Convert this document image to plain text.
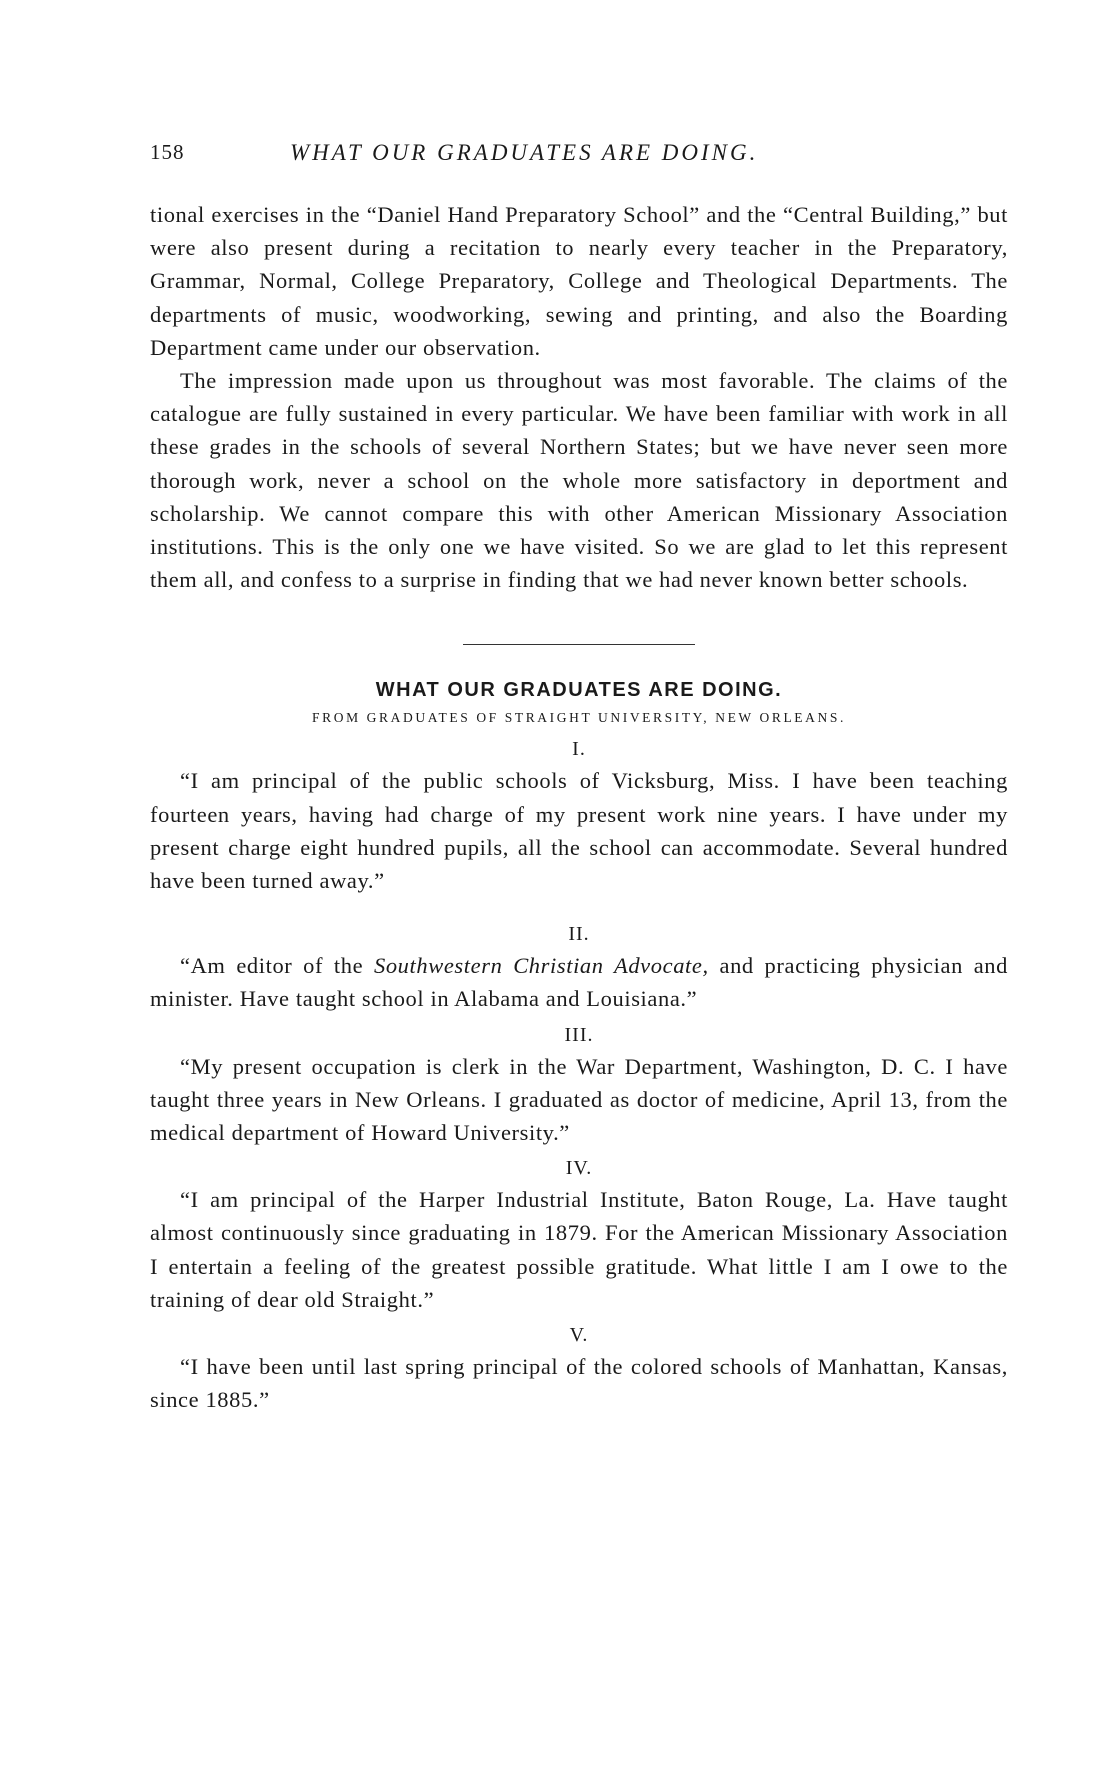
158	WHAT OUR GRADUATES ARE DOING.

tional exercises in the “Daniel Hand Preparatory School” and the “Central Building,” but were also present during a recitation to nearly every teacher in the Preparatory, Grammar, Normal, College Preparatory, College and Theological Departments. The departments of music, woodworking, sewing and printing, and also the Boarding Department came under our observation.

The impression made upon us throughout was most favorable. The claims of the catalogue are fully sustained in every particular. We have been familiar with work in all these grades in the schools of several Northern States; but we have never seen more thorough work, never a school on the whole more satisfactory in deportment and scholarship. We cannot compare this with other American Missionary Association institutions. This is the only one we have visited. So we are glad to let this represent them all, and confess to a surprise in finding that we had never known better schools.

WHAT OUR GRADUATES ARE DOING.
FROM GRADUATES OF STRAIGHT UNIVERSITY, NEW ORLEANS.
I.

“I am principal of the public schools of Vicksburg, Miss. I have been teaching fourteen years, having had charge of my present work nine years. I have under my present charge eight hundred pupils, all the school can accommodate. Several hundred have been turned away.”

II.

“Am editor of the Southwestern Christian Advocate, and practicing physician and minister. Have taught school in Alabama and Louisiana.”

III.

“My present occupation is clerk in the War Department, Washington, D. C. I have taught three years in New Orleans. I graduated as doctor of medicine, April 13, from the medical department of Howard University.”

IV.

“I am principal of the Harper Industrial Institute, Baton Rouge, La. Have taught almost continuously since graduating in 1879. For the American Missionary Association I entertain a feeling of the greatest possible gratitude. What little I am I owe to the training of dear old Straight.”

V.

“I have been until last spring principal of the colored schools of Manhattan, Kansas, since 1885.”
